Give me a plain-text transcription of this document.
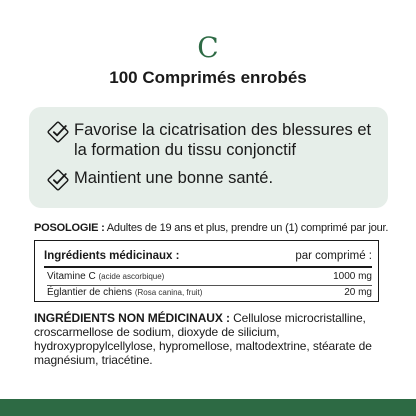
C
100 Comprimés enrobés
Favorise la cicatrisation des blessures et la formation du tissu conjonctif
Maintient une bonne santé.
POSOLOGIE : Adultes de 19 ans et plus, prendre un (1) comprimé par jour.
Ingrédients médicinaux :	par comprimé :
Vitamine C (acide ascorbique)	1000 mg
Églantier de chiens (Rosa canina, fruit)	20 mg
INGRÉDIENTS NON MÉDICINAUX : Cellulose microcristalline, croscarmellose de sodium, dioxyde de silicium, hydroxypropylcellylose, hypromellose, maltodextrine, stéarate de magnésium, triacétine.
